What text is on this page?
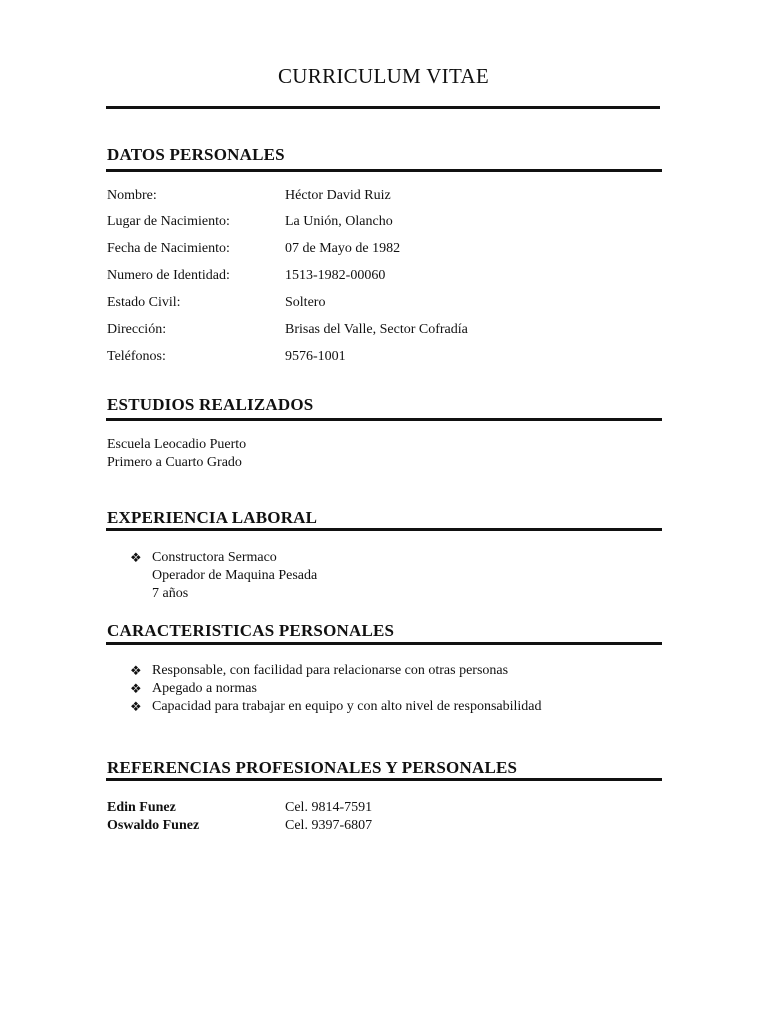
CURRICULUM VITAE
DATOS PERSONALES
Nombre:	Héctor David Ruiz
Lugar de Nacimiento:	La Unión, Olancho
Fecha de Nacimiento:	07 de Mayo de 1982
Numero de Identidad:	1513-1982-00060
Estado Civil:	Soltero
Dirección:	Brisas del Valle, Sector Cofradía
Teléfonos:	9576-1001
ESTUDIOS REALIZADOS
Escuela Leocadio Puerto
Primero a Cuarto Grado
EXPERIENCIA LABORAL
❖ Constructora Sermaco
Operador de Maquina Pesada
7 años
CARACTERISTICAS PERSONALES
❖ Responsable, con facilidad para relacionarse con otras personas
❖ Apegado a normas
❖ Capacidad para trabajar en equipo y con alto nivel de responsabilidad
REFERENCIAS PROFESIONALES Y PERSONALES
Edin Funez	Cel. 9814-7591
Oswaldo Funez	Cel. 9397-6807
